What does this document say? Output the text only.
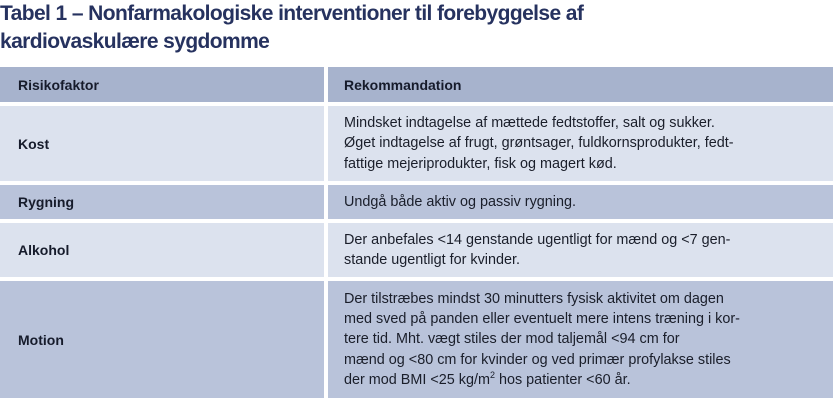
Tabel 1 – Nonfarmakologiske interventioner til forebyggelse af
kardiovaskulære sygdomme
Risikofaktor	Rekommandation

Kost	Mindsket indtagelse af mættede fedtstoffer, salt og sukker.
Øget indtagelse af frugt, grøntsager, fuldkornsprodukter, fedt-
fattige mejeriprodukter, fisk og magert kød.

Rygning	Undgå både aktiv og passiv rygning.

Alkohol	Der anbefales <14 genstande ugentligt for mænd og <7 gen-
stande ugentligt for kvinder.

Motion	Der tilstræbes mindst 30 minutters fysisk aktivitet om dagen
med sved på panden eller eventuelt mere intens træning i kor-
tere tid. Mht. vægt stiles der mod taljemål <94 cm for
mænd og <80 cm for kvinder og ved primær profylakse stiles
der mod BMI <25 $kg/m^2$ hos patienter <60 år.
